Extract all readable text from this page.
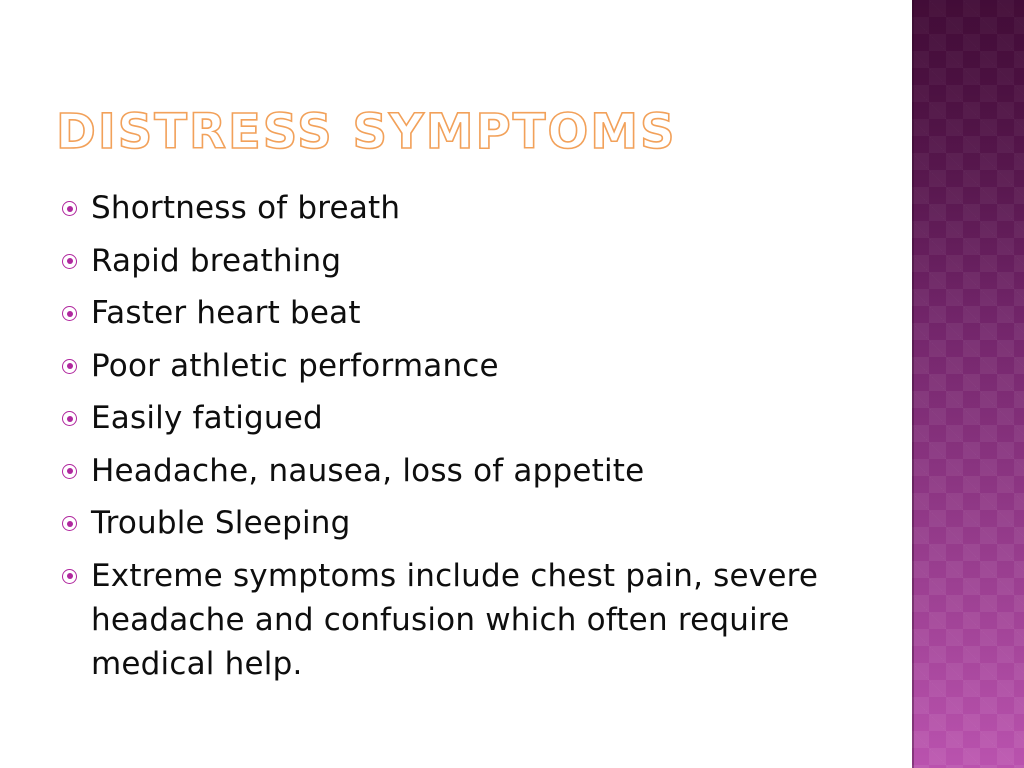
DISTRESS SYMPTOMS
Shortness of breath
Rapid breathing
Faster heart beat
Poor athletic performance
Easily fatigued
Headache, nausea, loss of appetite
Trouble Sleeping
Extreme symptoms include chest pain, severe headache and confusion which often require medical help.
